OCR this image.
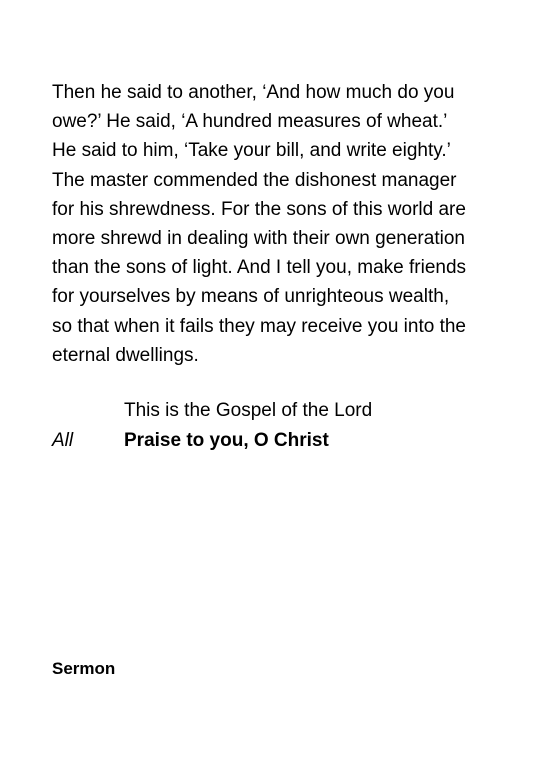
Then he said to another, ‘And how much do you
owe?’ He said, ‘A hundred measures of wheat.’
He said to him, ‘Take your bill, and write eighty.’
The master commended the dishonest manager
for his shrewdness. For the sons of this world are
more shrewd in dealing with their own generation
than the sons of light. And I tell you, make friends
for yourselves by means of unrighteous wealth,
so that when it fails they may receive you into the
eternal dwellings.
This is the Gospel of the Lord
All	Praise to you, O Christ
Sermon
